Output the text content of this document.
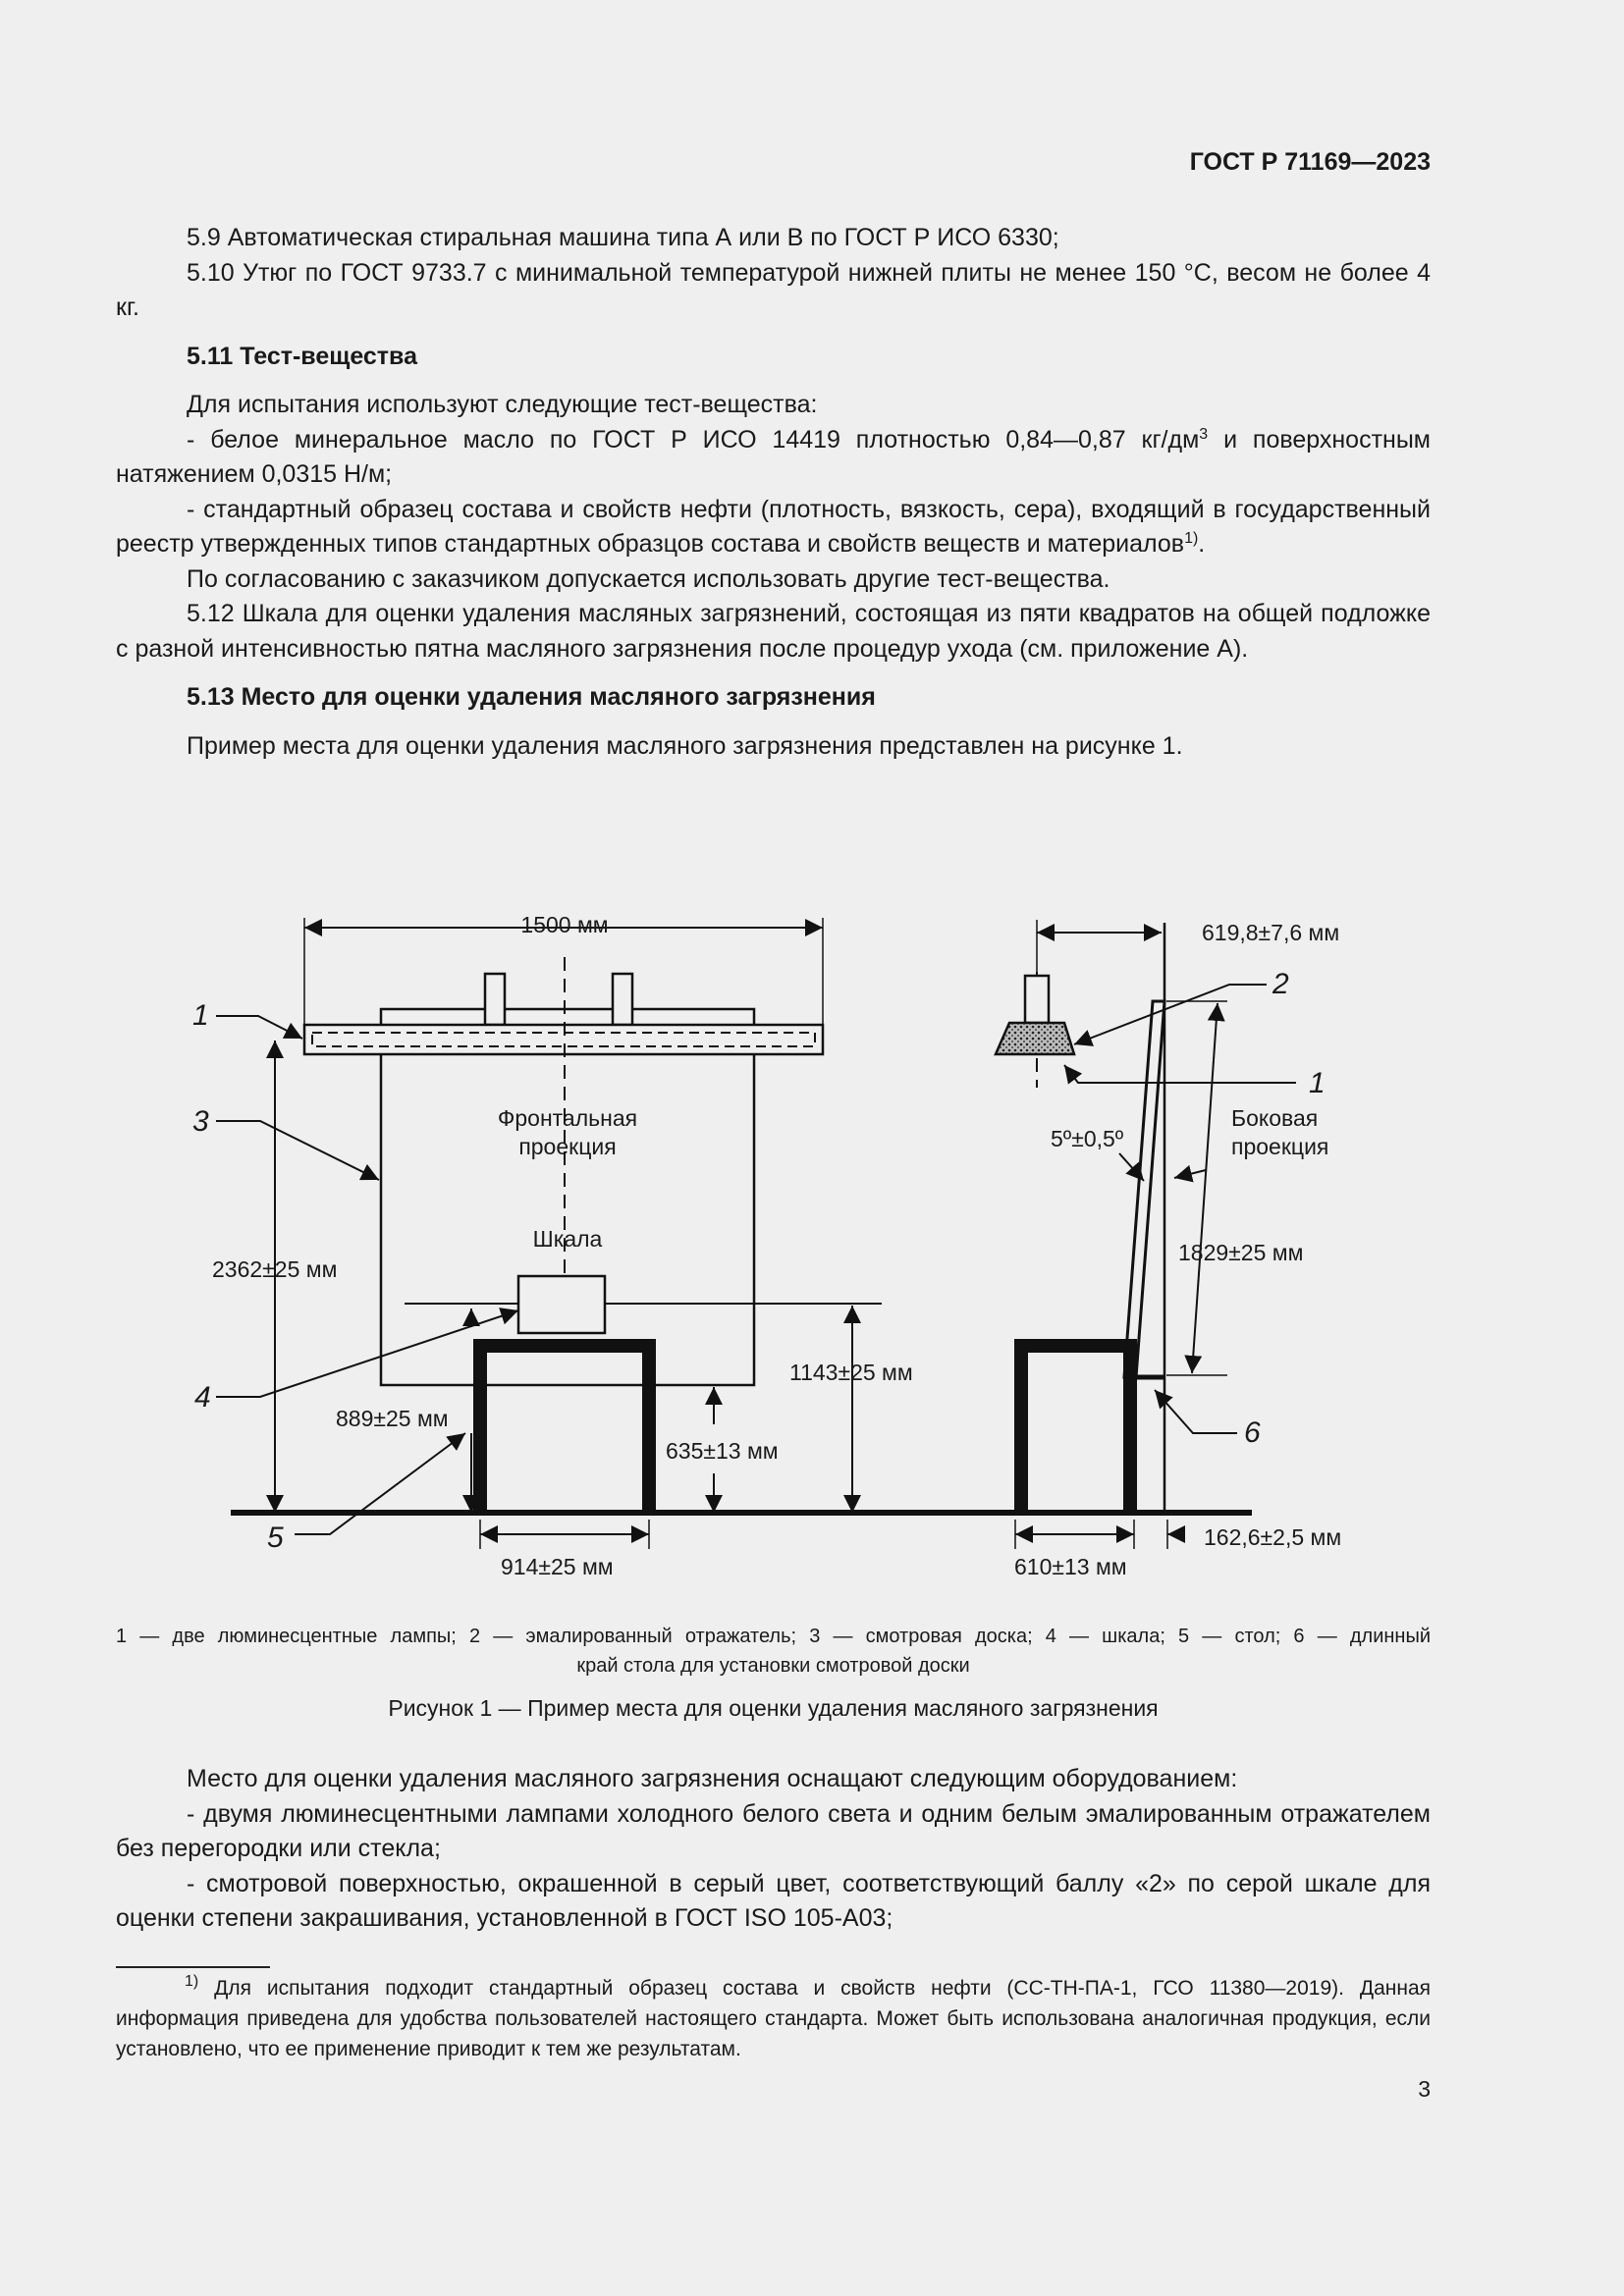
ГОСТ Р 71169—2023

5.9 Автоматическая стиральная машина типа А или В по ГОСТ Р ИСО 6330;

5.10 Утюг по ГОСТ 9733.7 с минимальной температурой нижней плиты не менее 150 °С, весом не более 4 кг.

5.11 Тест-вещества

Для испытания используют следующие тест-вещества:

- белое минеральное масло по ГОСТ Р ИСО 14419 плотностью 0,84—0,87 $кг/дм^3$ и поверхностным натяжением 0,0315 Н/м;

- стандартный образец состава и свойств нефти (плотность, вязкость, сера), входящий в государственный реестр утвержденных типов стандартных образцов состава и свойств веществ и материалов$^{1)}$.

По согласованию с заказчиком допускается использовать другие тест-вещества.

5.12 Шкала для оценки удаления масляных загрязнений, состоящая из пяти квадратов на общей подложке с разной интенсивностью пятна масляного загрязнения после процедур ухода (см. приложение А).

5.13 Место для оценки удаления масляного загрязнения

Пример места для оценки удаления масляного загрязнения представлен на рисунке 1.

1500 мм	619,8±7,6 мм
Фронтальная
проекция
Шкала
Боковая
проекция
5º±0,5º
2362±25 мм
1829±25 мм
1143±25 мм
889±25 мм
635±13 мм
914±25 мм	610±13 мм
162,6±2,5 мм
1
2
3
1
4
6
5
1 — две люминесцентные лампы; 2 — эмалированный отражатель; 3 — смотровая доска; 4 — шкала; 5 — стол; 6 — длинный
край стола для установки смотровой доски
Рисунок 1 — Пример места для оценки удаления масляного загрязнения

Место для оценки удаления масляного загрязнения оснащают следующим оборудованием:

- двумя люминесцентными лампами холодного белого света и одним белым эмалированным отражателем без перегородки или стекла;

- смотровой поверхностью, окрашенной в серый цвет, соответствующий баллу «2» по серой шкале для оценки степени закрашивания, установленной в ГОСТ ISO 105-A03;

$^{1)}$ Для испытания подходит стандартный образец состава и свойств нефти (СС-ТН-ПА-1, ГСО 11380—2019). Данная информация приведена для удобства пользователей настоящего стандарта. Может быть использована аналогичная продукция, если установлено, что ее применение приводит к тем же результатам.
3
